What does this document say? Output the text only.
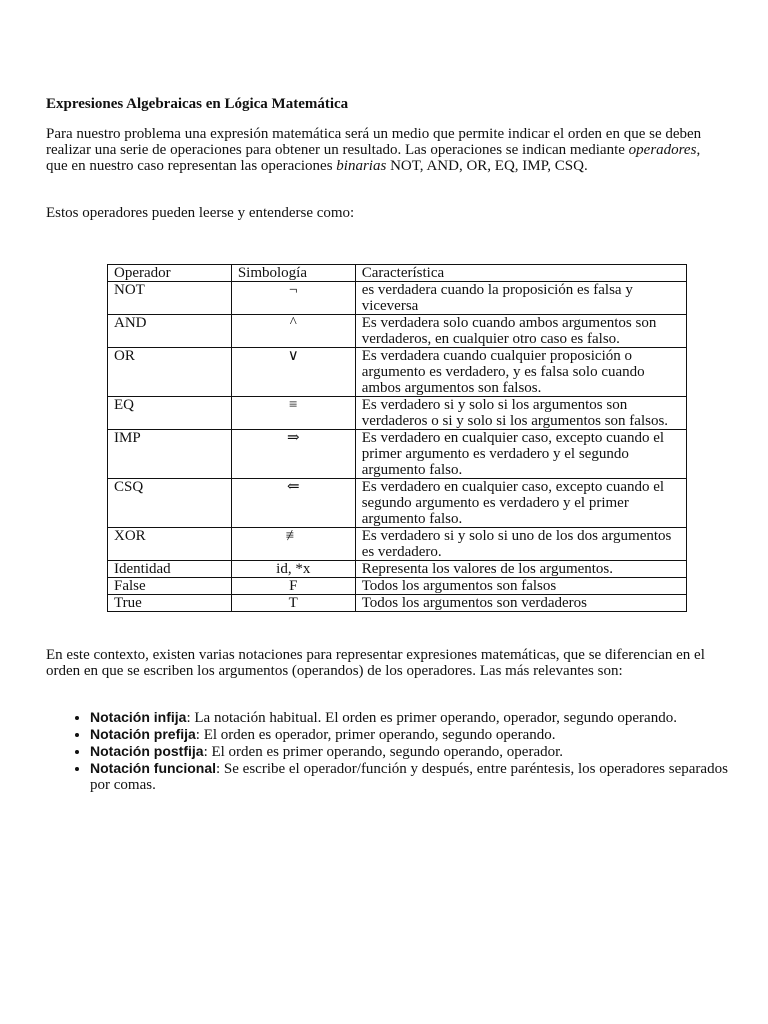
Expresiones Algebraicas en Lógica Matemática

Para nuestro problema una expresión matemática será un medio que permite indicar el orden en que se deben realizar una serie de operaciones para obtener un resultado. Las operaciones se indican mediante operadores, que en nuestro caso representan las operaciones binarias NOT, AND, OR, EQ, IMP, CSQ.

Estos operadores pueden leerse y entenderse como:

Operador	Simbología	Característica
NOT	¬	es verdadera cuando la proposición es falsa y viceversa
AND	^	Es verdadera solo cuando ambos argumentos son verdaderos, en cualquier otro caso es falso.
OR	∨	Es verdadera cuando cualquier proposición o argumento es verdadero, y es falsa solo cuando ambos argumentos son falsos.
EQ	≡	Es verdadero si y solo si los argumentos son verdaderos o si y solo si los argumentos son falsos.
IMP	⇒	Es verdadero en cualquier caso, excepto cuando el primer argumento es verdadero y el segundo argumento falso.
CSQ	⇐	Es verdadero en cualquier caso, excepto cuando el segundo argumento es verdadero y el primer argumento falso.
XOR	≢	Es verdadero si y solo si uno de los dos argumentos es verdadero.
Identidad	id, *x	Representa los valores de los argumentos.
False	F	Todos los argumentos son falsos
True	T	Todos los argumentos son verdaderos

En este contexto, existen varias notaciones para representar expresiones matemáticas, que se diferencian en el orden en que se escriben los argumentos (operandos) de los operadores. Las más relevantes son:

• Notación infija: La notación habitual. El orden es primer operando, operador, segundo operando.
• Notación prefija: El orden es operador, primer operando, segundo operando.
• Notación postfija: El orden es primer operando, segundo operando, operador.
• Notación funcional: Se escribe el operador/función y después, entre paréntesis, los operadores separados por comas.
